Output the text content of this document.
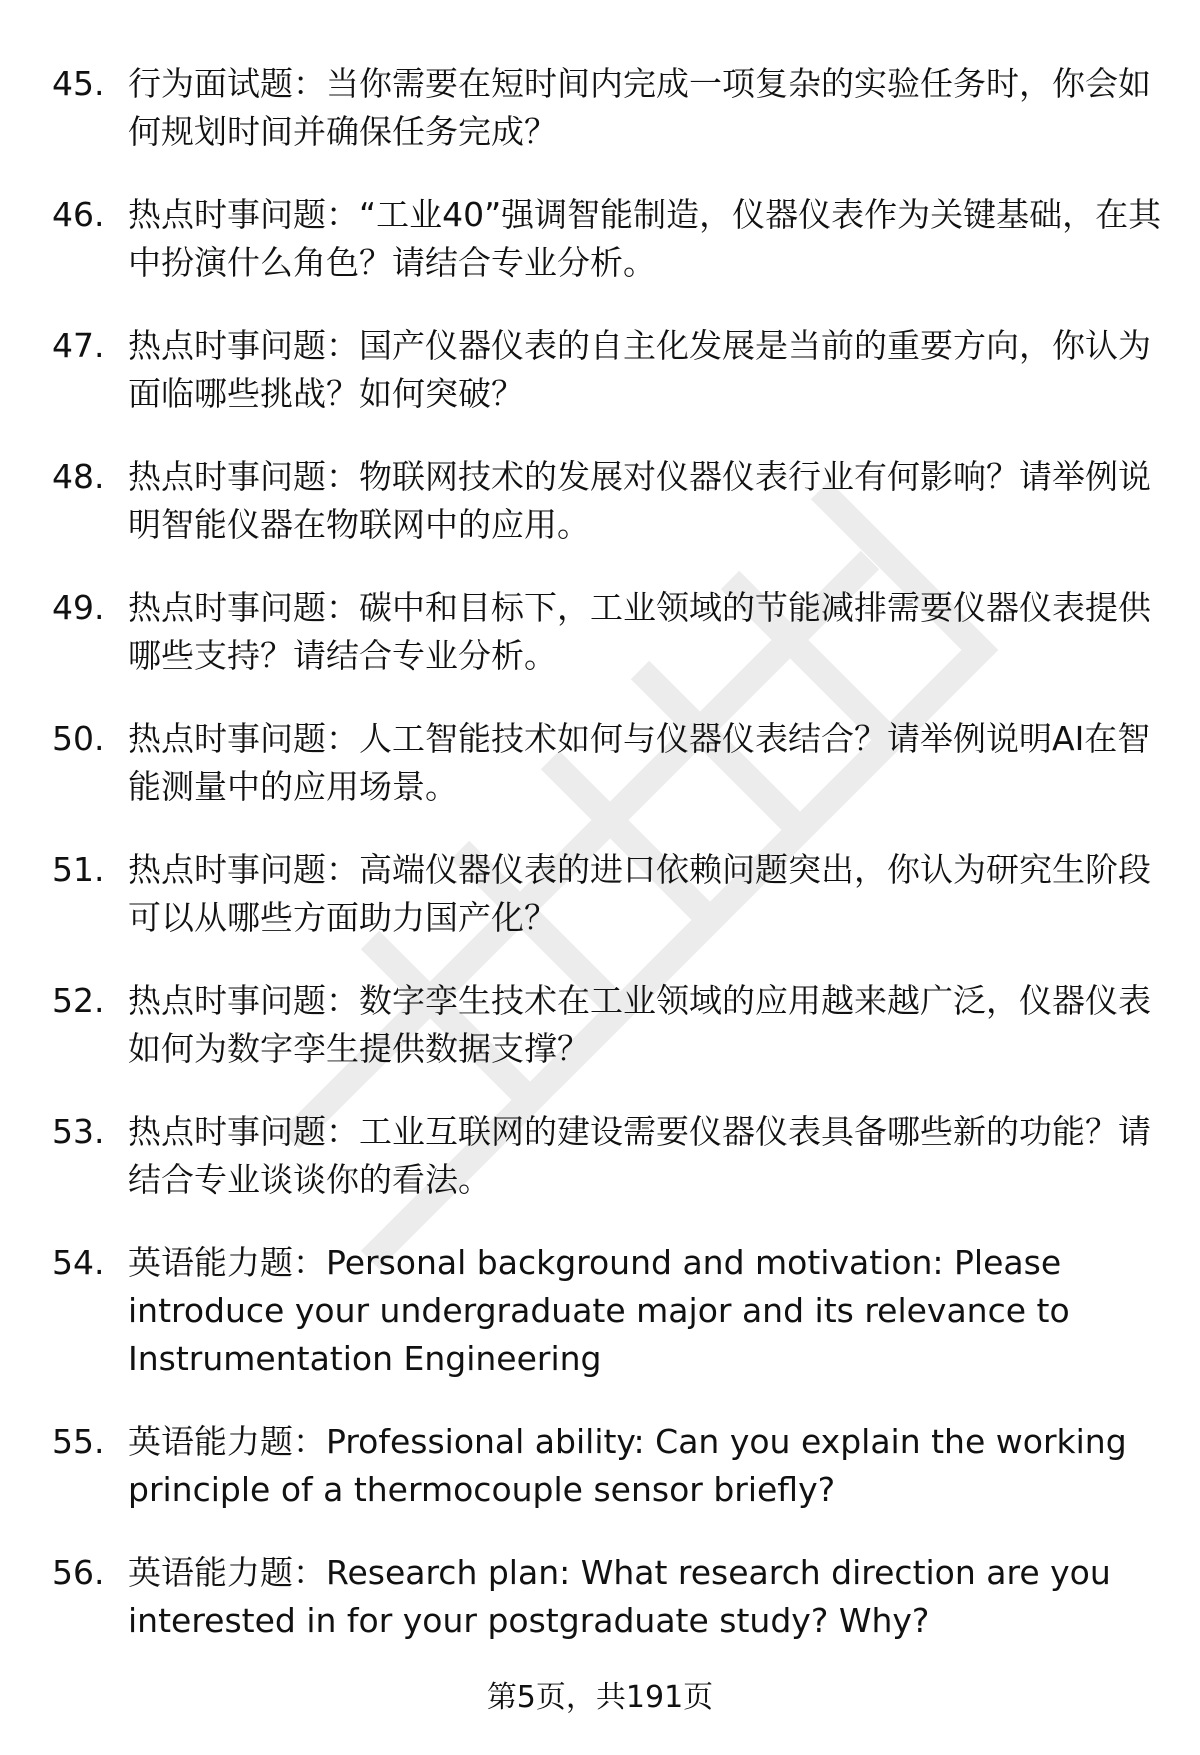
45. 行为面试题：当你需要在短时间内完成一项复杂的实验任务时，你会如何规划时间并确保任务完成？
46. 热点时事问题：“工业40”强调智能制造，仪器仪表作为关键基础，在其中扮演什么角色？请结合专业分析。
47. 热点时事问题：国产仪器仪表的自主化发展是当前的重要方向，你认为面临哪些挑战？如何突破？
48. 热点时事问题：物联网技术的发展对仪器仪表行业有何影响？请举例说明智能仪器在物联网中的应用。
49. 热点时事问题：碳中和目标下，工业领域的节能减排需要仪器仪表提供哪些支持？请结合专业分析。
50. 热点时事问题：人工智能技术如何与仪器仪表结合？请举例说明AI在智能测量中的应用场景。
51. 热点时事问题：高端仪器仪表的进口依赖问题突出，你认为研究生阶段可以从哪些方面助力国产化？
52. 热点时事问题：数字孪生技术在工业领域的应用越来越广泛，仪器仪表如何为数字孪生提供数据支撑？
53. 热点时事问题：工业互联网的建设需要仪器仪表具备哪些新的功能？请结合专业谈谈你的看法。
54. 英语能力题：Personal background and motivation: Please introduce your undergraduate major and its relevance to Instrumentation Engineering
55. 英语能力题：Professional ability: Can you explain the working principle of a thermocouple sensor briefly?
56. 英语能力题：Research plan: What research direction are you interested in for your postgraduate study? Why?
第5页，共191页
